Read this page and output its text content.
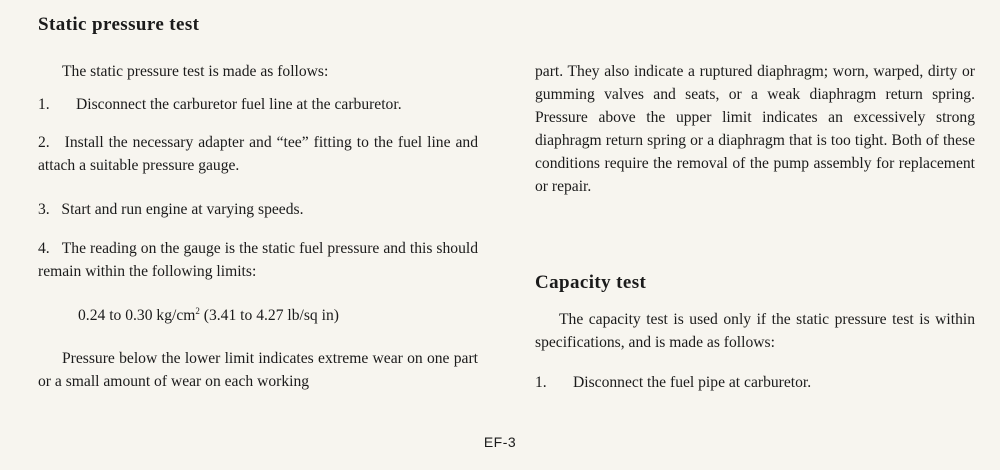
Static pressure test

The static pressure test is made as follows:

1. Disconnect the carburetor fuel line at the carburetor.

2. Install the necessary adapter and “tee” fitting to the fuel line and attach a suitable pressure gauge.

3. Start and run engine at varying speeds.

4. The reading on the gauge is the static fuel pressure and this should remain within the following limits:

0.24 to 0.30 $kg/cm^2$ (3.41 to 4.27 lb/sq in)

Pressure below the lower limit indicates extreme wear on one part or a small amount of wear on each working

part. They also indicate a ruptured diaphragm; worn, warped, dirty or gumming valves and seats, or a weak diaphragm return spring. Pressure above the upper limit indicates an excessively strong diaphragm return spring or a diaphragm that is too tight. Both of these conditions require the removal of the pump assembly for replacement or repair.

Capacity test

The capacity test is used only if the static pressure test is within specifications, and is made as follows:

1. Disconnect the fuel pipe at carburetor.

EF-3
